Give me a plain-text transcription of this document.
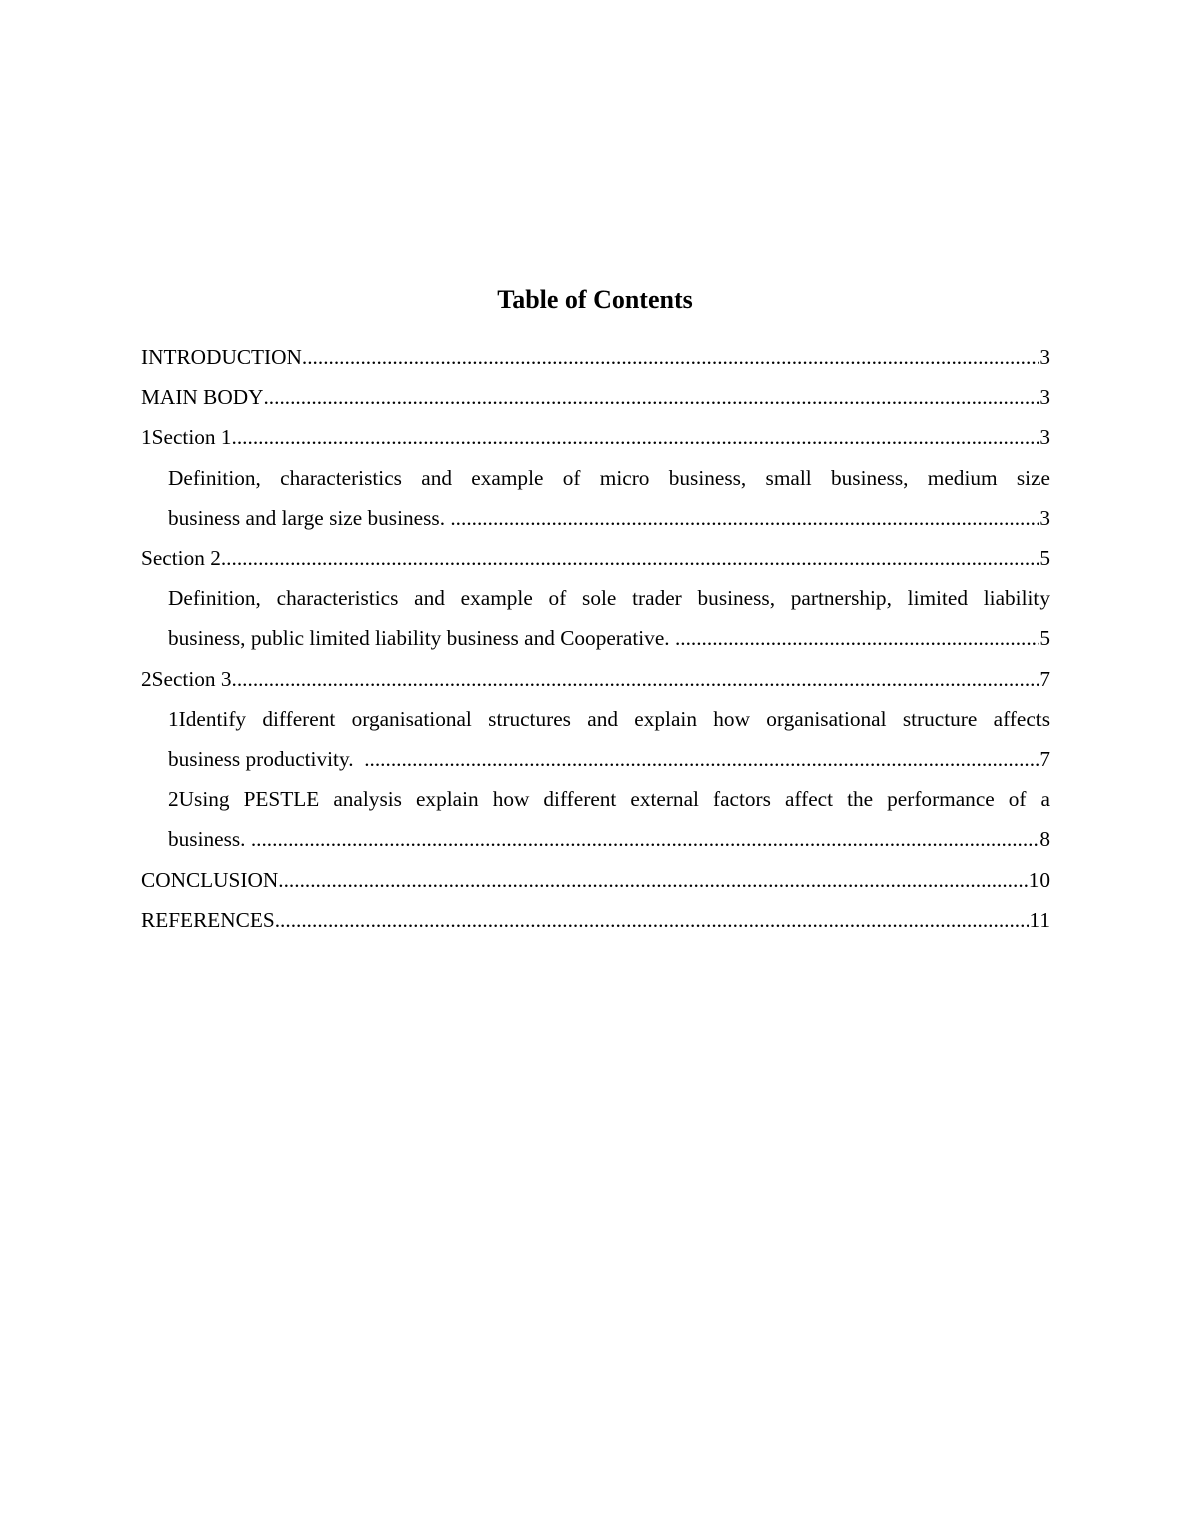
Table of Contents
INTRODUCTION .....	3
MAIN BODY .....	3
1Section 1 .....	3
Definition, characteristics and example of micro business, small business, medium size
business and large size business. .....	3
Section 2 .....	5
Definition, characteristics and example of sole trader business, partnership, limited liability
business, public limited liability business and Cooperative. .....	5
2Section 3 .....	7
1Identify different organisational structures and explain how organisational structure affects
business productivity. .....	7
2Using PESTLE analysis explain how different external factors affect the performance of a
business. .....	8
CONCLUSION .....	10
REFERENCES .....	11
